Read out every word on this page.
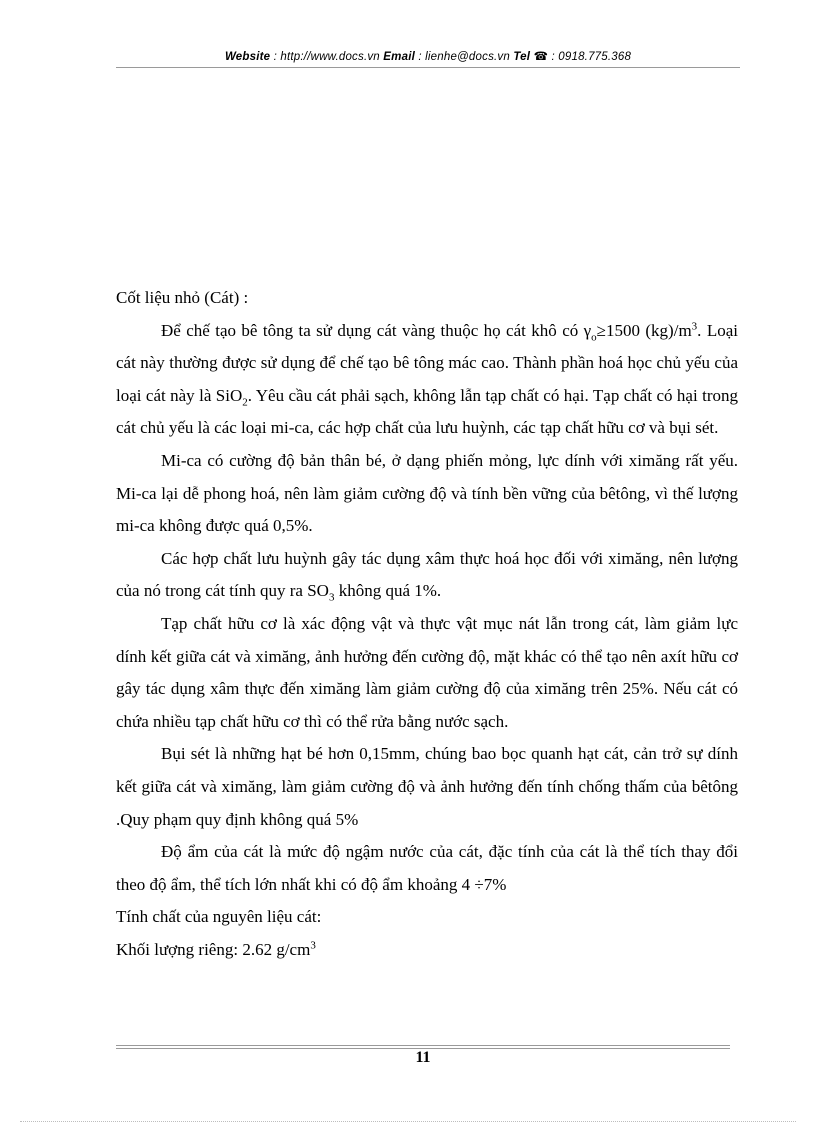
Website : http://www.docs.vn Email : lienhe@docs.vn Tel ☎ : 0918.775.368

Cốt liệu nhỏ (Cát) :

Để chế tạo bê tông ta sử dụng cát vàng thuộc họ cát khô có $\gamma_o\ge 1500$ $(kg)/m^3$. Loại cát này thường được sử dụng để chế tạo bê tông mác cao. Thành phần hoá học chủ yếu của loại cát này là SiO$_2$. Yêu cầu cát phải sạch, không lẫn tạp chất có hại. Tạp chất có hại trong cát chủ yếu là các loại mi-ca, các hợp chất của lưu huỳnh, các tạp chất hữu cơ và bụi sét.

Mi-ca có cường độ bản thân bé, ở dạng phiến mỏng, lực dính với ximăng rất yếu. Mi-ca lại dễ phong hoá, nên làm giảm cường độ và tính bền vững của bêtông, vì thế lượng mi-ca không được quá 0,5%.

Các hợp chất lưu huỳnh gây tác dụng xâm thực hoá học đối với ximăng, nên lượng của nó trong cát tính quy ra $SO_3$ không quá 1%.

Tạp chất hữu cơ là xác động vật và thực vật mục nát lẫn trong cát, làm giảm lực dính kết giữa cát và ximăng, ảnh hưởng đến cường độ, mặt khác có thể tạo nên axít hữu cơ gây tác dụng xâm thực đến ximăng làm giảm cường độ của ximăng trên 25%. Nếu cát có chứa nhiều tạp chất hữu cơ thì có thể rửa bằng nước sạch.

Bụi sét là những hạt bé hơn 0,15mm, chúng bao bọc quanh hạt cát, cản trở sự dính kết giữa cát và ximăng, làm giảm cường độ và ảnh hưởng đến tính chống thấm của bêtông .Quy phạm quy định không quá 5%

Độ ẩm của cát là mức độ ngậm nước của cát, đặc tính của cát là thể tích thay đổi theo độ ẩm, thể tích lớn nhất khi có độ ẩm khoảng 4 ÷7%

Tính chất của nguyên liệu cát:

Khối lượng riêng: 2.62 $g/cm^3$

11
